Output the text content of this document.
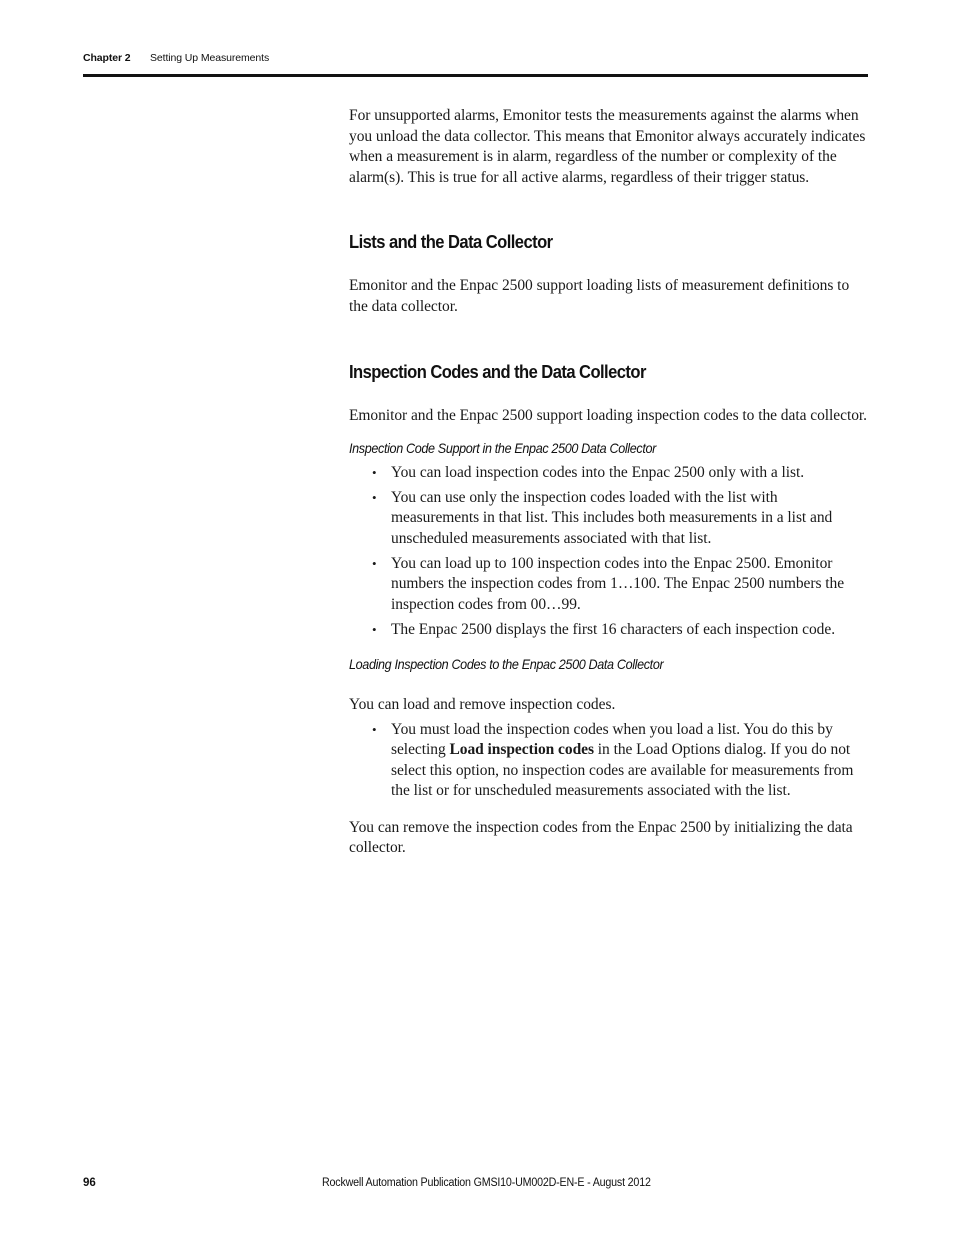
Chapter 2 Setting Up Measurements

For unsupported alarms, Emonitor tests the measurements against the alarms when you unload the data collector. This means that Emonitor always accurately indicates when a measurement is in alarm, regardless of the number or complexity of the alarm(s). This is true for all active alarms, regardless of their trigger status.

Lists and the Data Collector

Emonitor and the Enpac 2500 support loading lists of measurement definitions to the data collector.

Inspection Codes and the Data Collector

Emonitor and the Enpac 2500 support loading inspection codes to the data collector.

Inspection Code Support in the Enpac 2500 Data Collector
• You can load inspection codes into the Enpac 2500 only with a list.
• You can use only the inspection codes loaded with the list with measurements in that list. This includes both measurements in a list and unscheduled measurements associated with that list.
• You can load up to 100 inspection codes into the Enpac 2500. Emonitor numbers the inspection codes from 1…100. The Enpac 2500 numbers the inspection codes from 00…99.
• The Enpac 2500 displays the first 16 characters of each inspection code.
Loading Inspection Codes to the Enpac 2500 Data Collector

You can load and remove inspection codes.

• You must load the inspection codes when you load a list. You do this by selecting Load inspection codes in the Load Options dialog. If you do not select this option, no inspection codes are available for measurements from the list or for unscheduled measurements associated with the list.

You can remove the inspection codes from the Enpac 2500 by initializing the data collector.

96	Rockwell Automation Publication GMSI10-UM002D-EN-E - August 2012
